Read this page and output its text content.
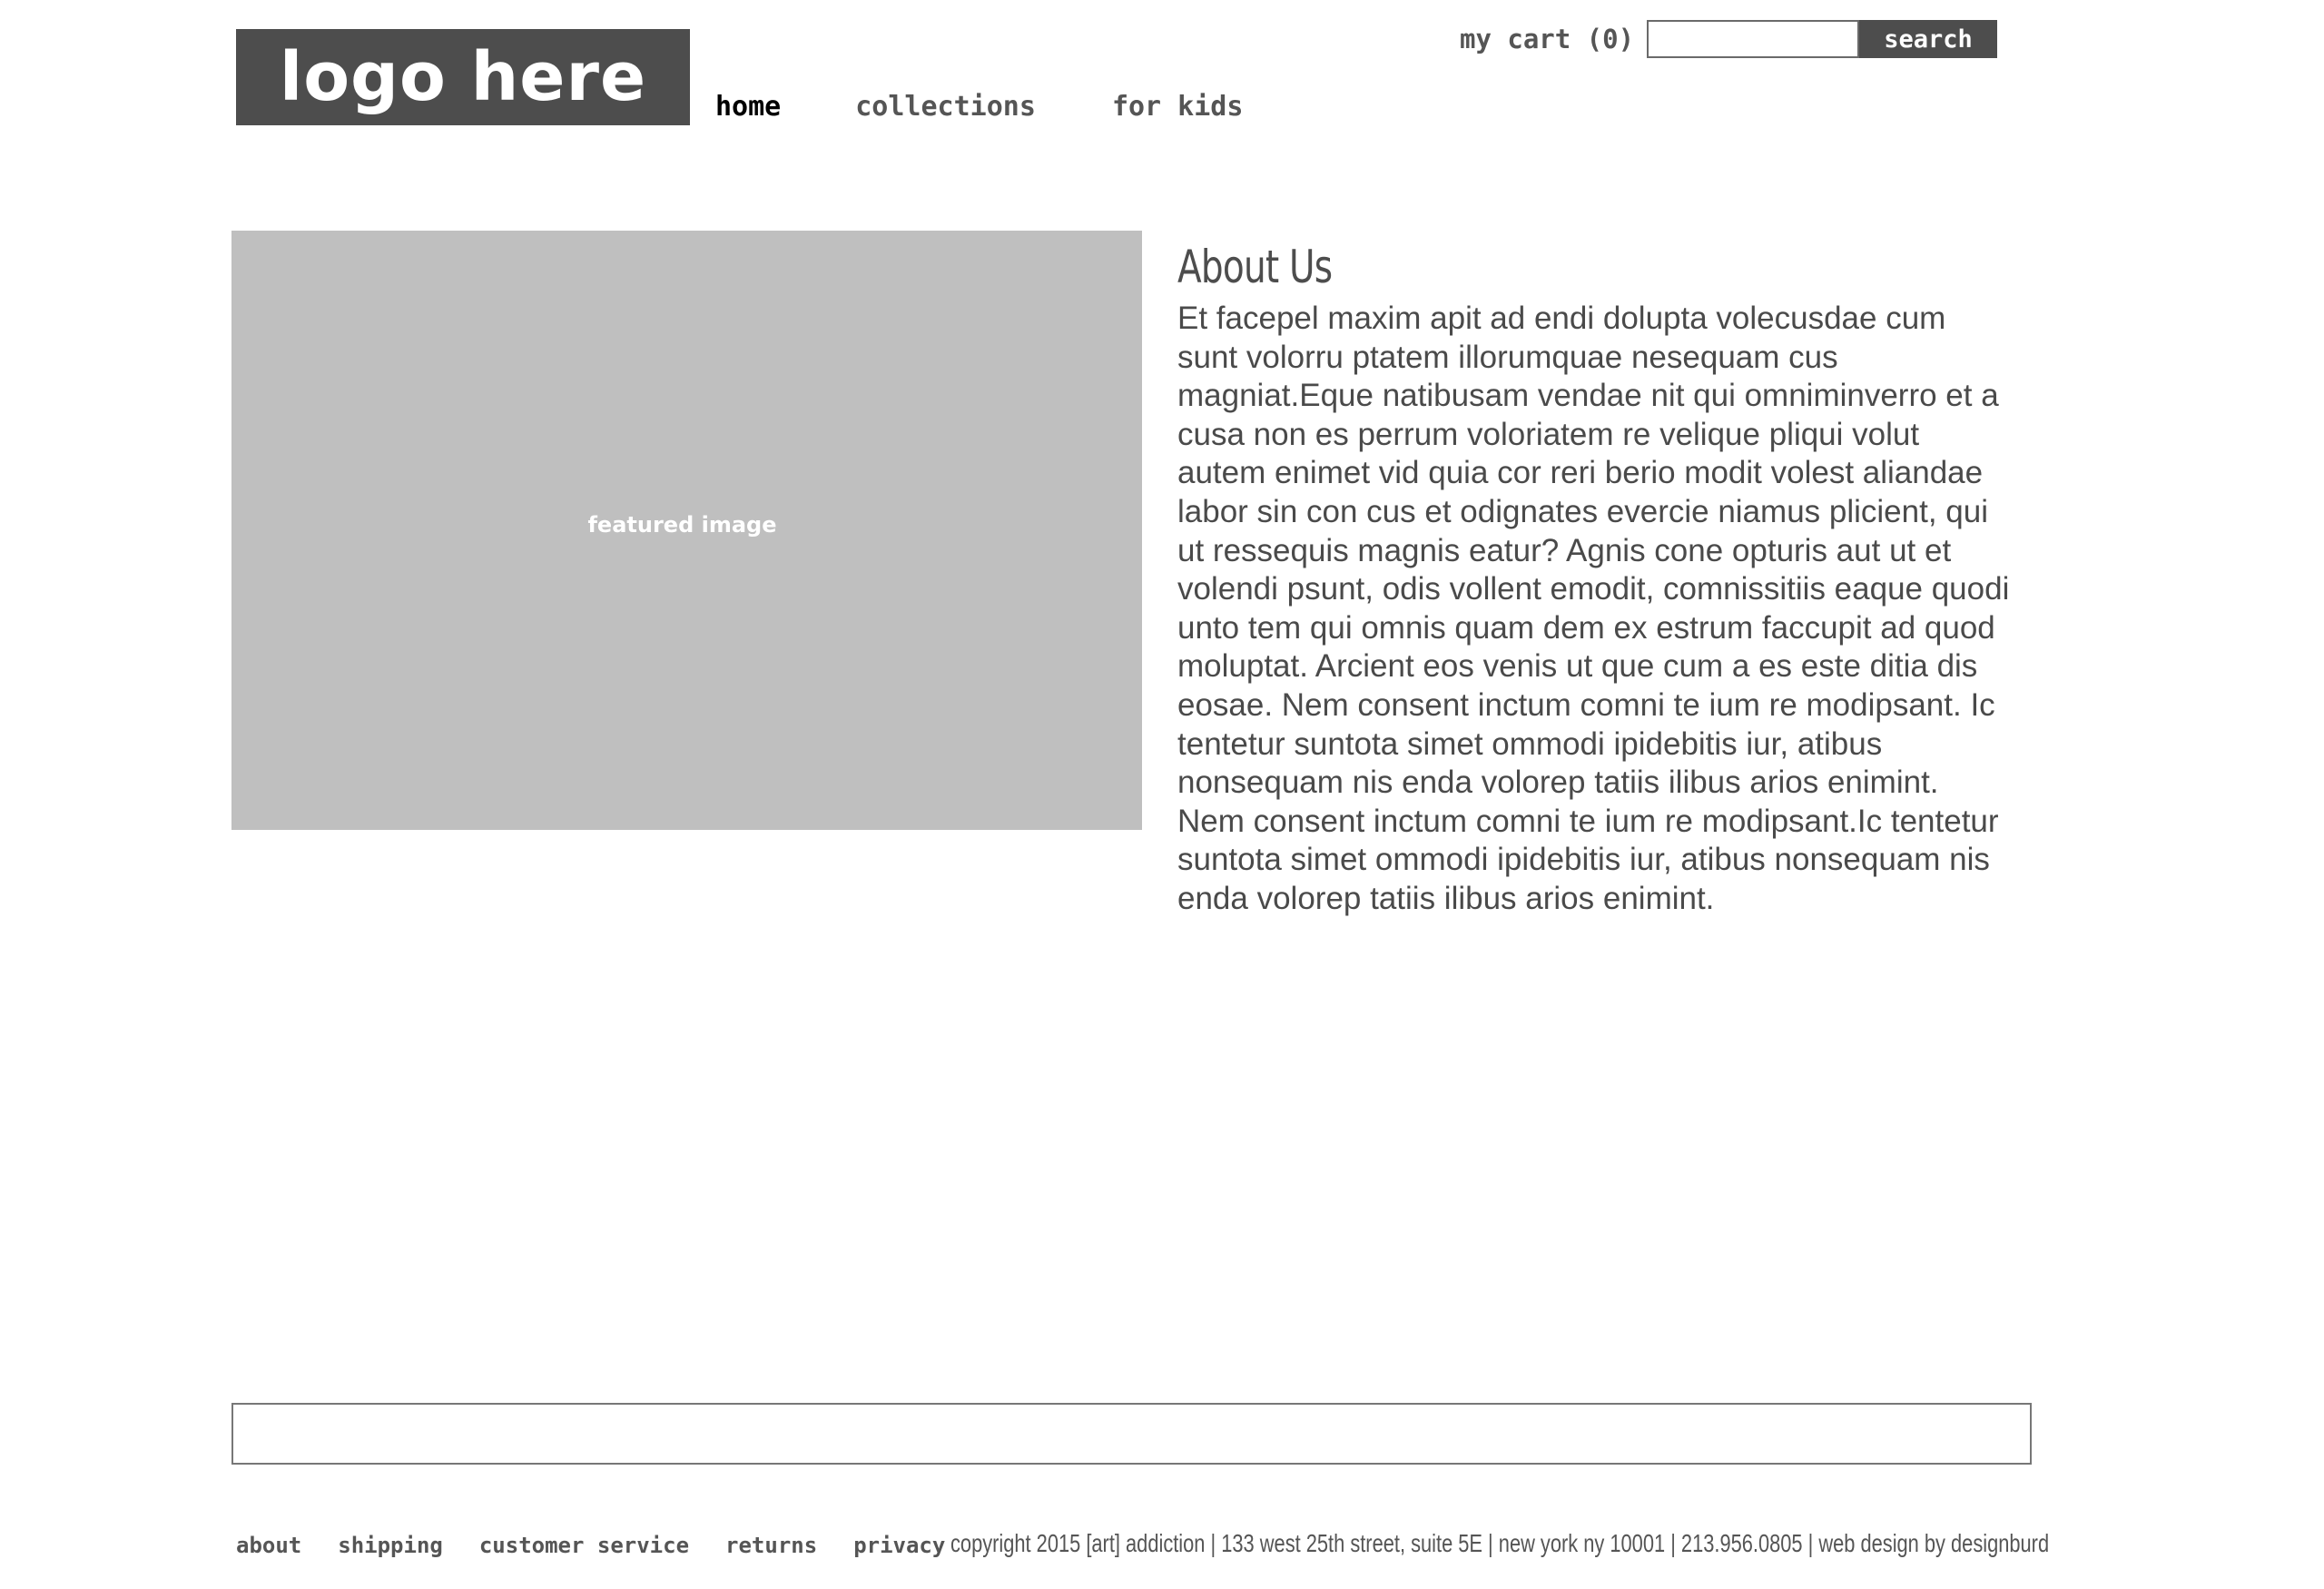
logo here	home	collections	for kids
my cart (0)	search
featured image
About Us

Et facepel maxim apit ad endi dolupta volecusdae cum sunt volorru ptatem illorumquae nesequam cus magniat.Eque natibusam vendae nit qui omniminverro et a cusa non es perrum voloriatem re velique pliqui volut autem enimet vid quia cor reri berio modit volest aliandae labor sin con cus et odignates evercie niamus plicient, qui ut ressequis magnis eatur? Agnis cone opturis aut ut et volendi psunt, odis vollent emodit, comnissitiis eaque quodi unto tem qui omnis quam dem ex estrum faccupit ad quod moluptat. Arcient eos venis ut que cum a es este ditia dis eosae. Nem consent inctum comni te ium re modipsant. Ic tentetur suntota simet ommodi ipidebitis iur, atibus nonsequam nis enda volorep tatiis ilibus arios enimint. Nem consent inctum comni te ium re modipsant.Ic tentetur suntota simet ommodi ipidebitis iur, atibus nonsequam nis enda volorep tatiis ilibus arios enimint.

about shipping customer service returns privacy copyright 2015 [art] addiction | 133 west 25th street, suite 5E | new york ny 10001 | 213.956.0805 | web design by designburd
